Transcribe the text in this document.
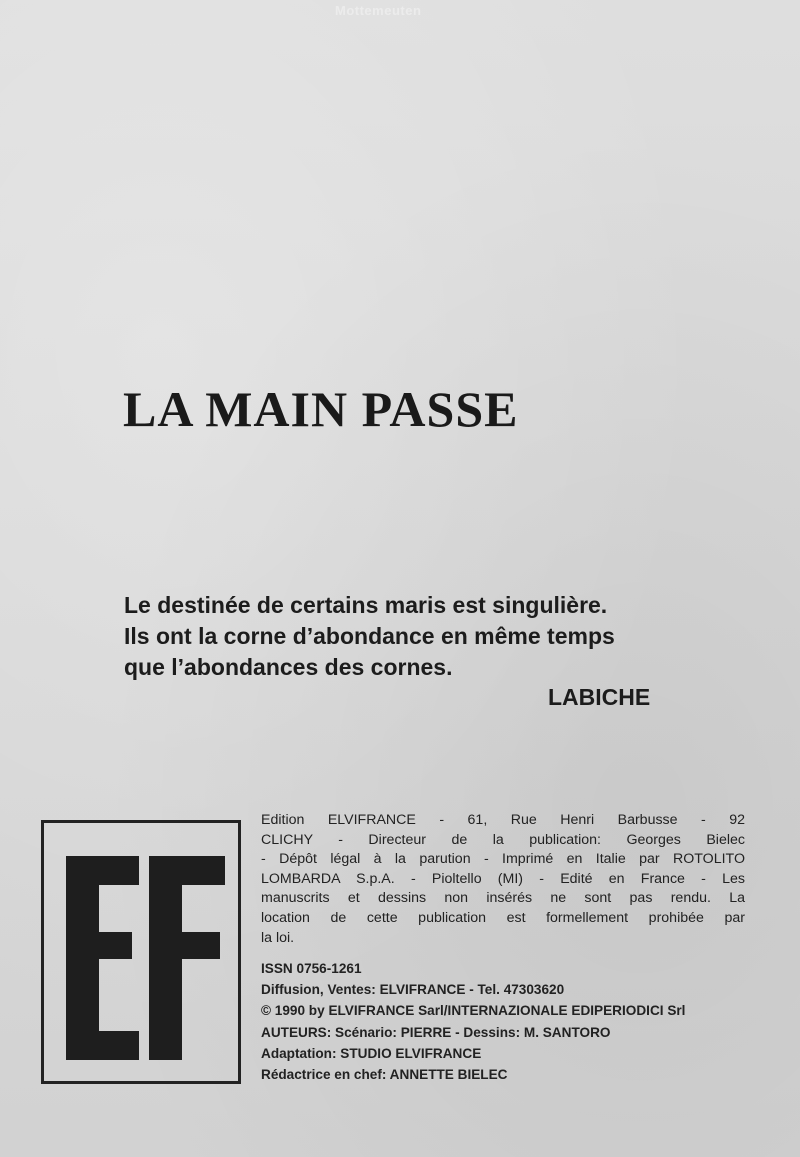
Mottemeuten
LA MAIN PASSE
Le destinée de certains maris est singulière.
Ils ont la corne d’abondance en même temps
que l’abondances des cornes.
LABICHE
Edition ELVIFRANCE - 61, Rue Henri Barbusse - 92
CLICHY - Directeur de la publication: Georges Bielec
- Dépôt légal à la parution - Imprimé en Italie par ROTOLITO
LOMBARDA S.p.A. - Pioltello (MI) - Edité en France - Les
manuscrits et dessins non insérés ne sont pas rendu. La
location de cette publication est formellement prohibée par
la loi.
ISSN 0756-1261
Diffusion, Ventes: ELVIFRANCE - Tel. 47303620
© 1990 by ELVIFRANCE Sarl/INTERNAZIONALE EDIPERIODICI Srl
AUTEURS: Scénario: PIERRE - Dessins: M. SANTORO
Adaptation: STUDIO ELVIFRANCE
Rédactrice en chef: ANNETTE BIELEC
